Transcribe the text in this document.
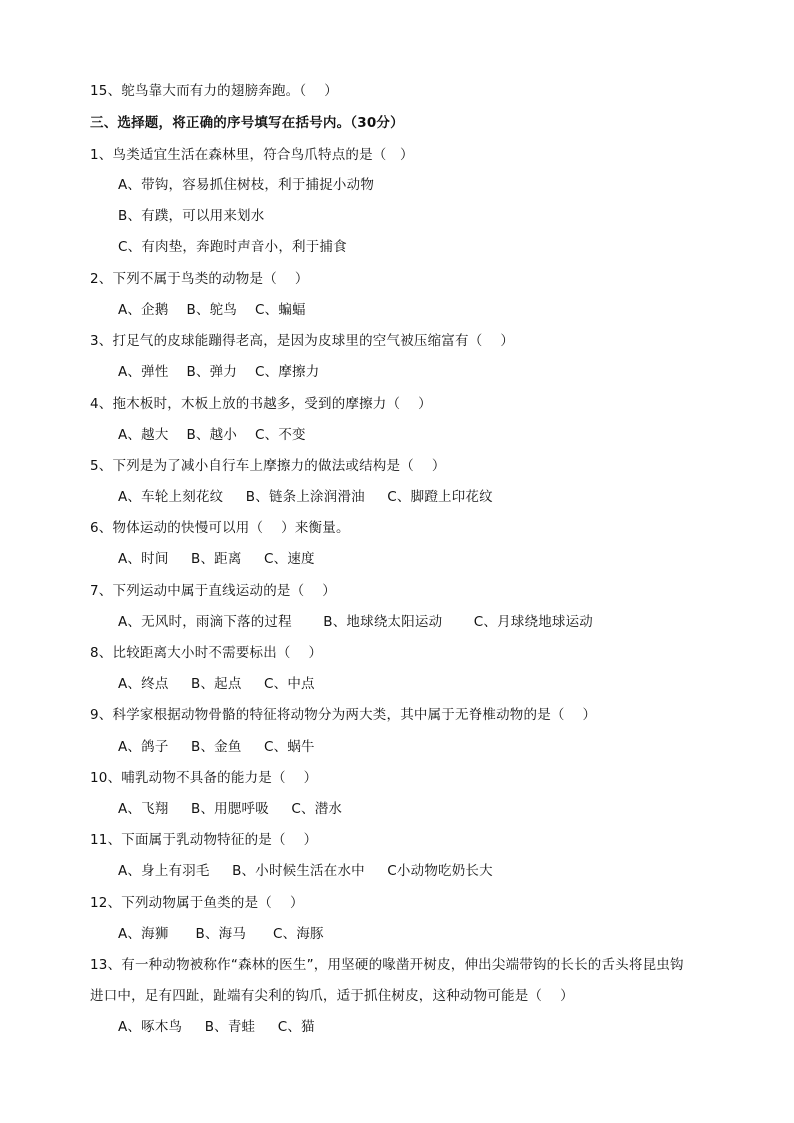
15、鸵鸟靠大而有力的翅膀奔跑。（    ）
三、选择题，将正确的序号填写在括号内。（30分）
1、鸟类适宜生活在森林里，符合鸟爪特点的是（   ）
A、带钩，容易抓住树枝，利于捕捉小动物
B、有蹼，可以用来划水
C、有肉垫，奔跑时声音小，利于捕食
2、下列不属于鸟类的动物是（    ）
A、企鹅    B、鸵鸟    C、蝙蝠
3、打足气的皮球能蹦得老高，是因为皮球里的空气被压缩富有（    ）
A、弹性    B、弹力    C、摩擦力
4、拖木板时，木板上放的书越多，受到的摩擦力（    ）
A、越大    B、越小    C、不变
5、下列是为了减小自行车上摩擦力的做法或结构是（    ）
A、车轮上刻花纹     B、链条上涂润滑油     C、脚蹬上印花纹
6、物体运动的快慢可以用（    ）来衡量。
A、时间     B、距离     C、速度
7、下列运动中属于直线运动的是（    ）
A、无风时，雨滴下落的过程       B、地球绕太阳运动       C、月球绕地球运动
8、比较距离大小时不需要标出（    ）
A、终点     B、起点     C、中点
9、科学家根据动物骨骼的特征将动物分为两大类，其中属于无脊椎动物的是（    ）
A、鸽子     B、金鱼     C、蜗牛
10、哺乳动物不具备的能力是（    ）
A、飞翔     B、用腮呼吸     C、潜水
11、下面属于乳动物特征的是（    ）
A、身上有羽毛     B、小时候生活在水中     C小动物吃奶长大
12、下列动物属于鱼类的是（    ）
A、海狮      B、海马      C、海豚
13、有一种动物被称作“森林的医生”，用坚硬的喙凿开树皮，伸出尖端带钩的长长的舌头将昆虫钩
进口中，足有四趾，趾端有尖利的钩爪，适于抓住树皮，这种动物可能是（    ）
A、啄木鸟     B、青蛙     C、猫
